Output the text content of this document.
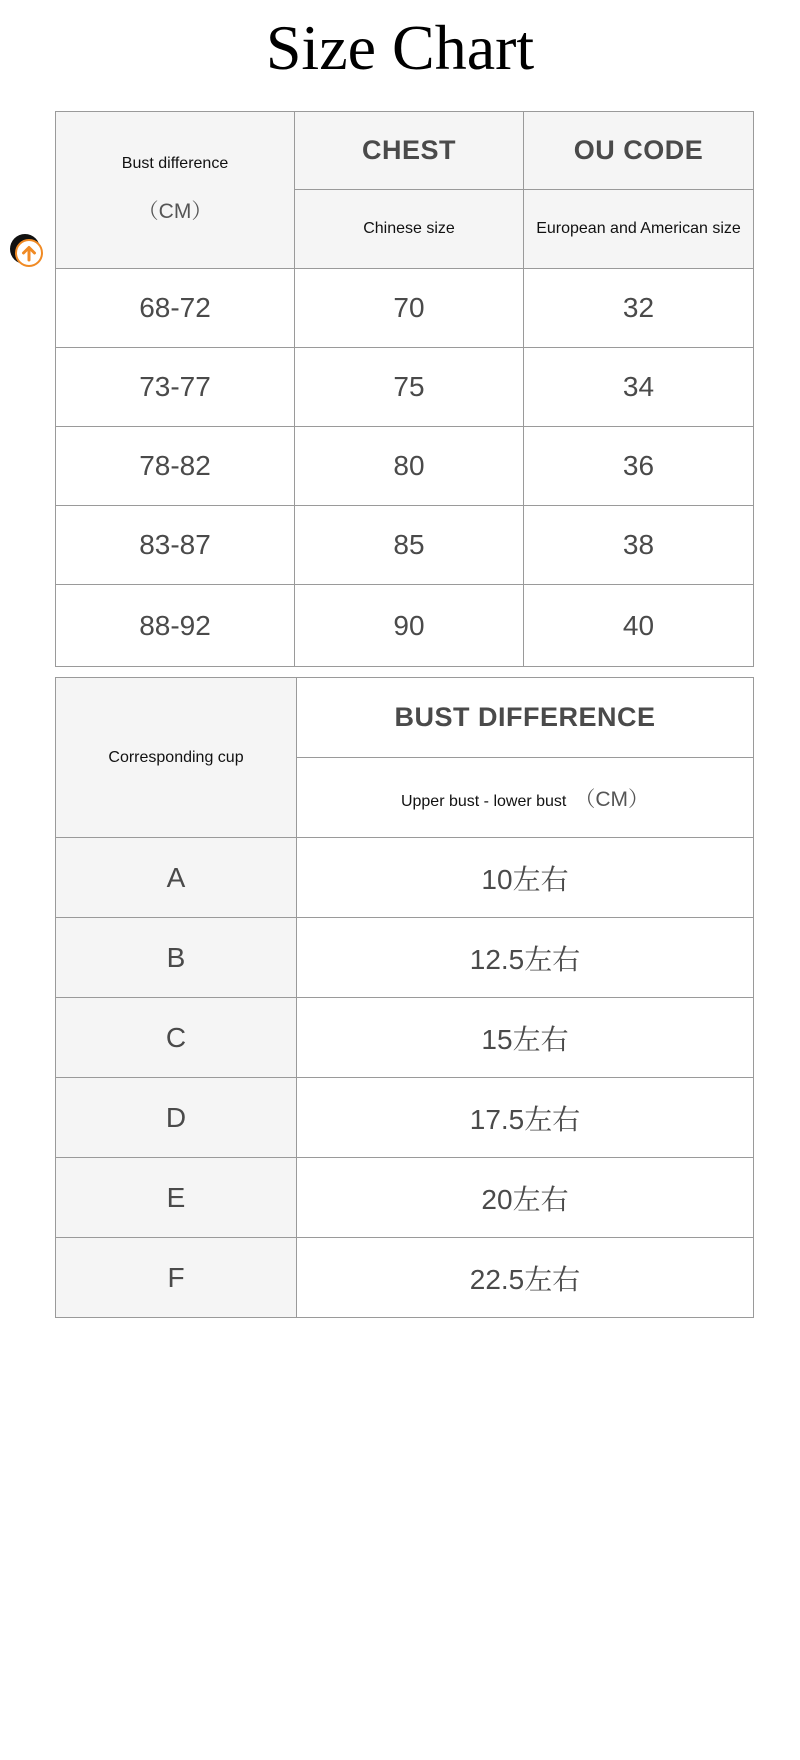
Size Chart
Bust difference
（CM）	CHEST	OU CODE
	Chinese size	European and American size
68-72	70	32
73-77	75	34
78-82	80	36
83-87	85	38
88-92	90	40
Corresponding cup	BUST DIFFERENCE
	Upper bust - lower bust （CM）
A	10左右
B	12.5左右
C	15左右
D	17.5左右
E	20左右
F	22.5左右
